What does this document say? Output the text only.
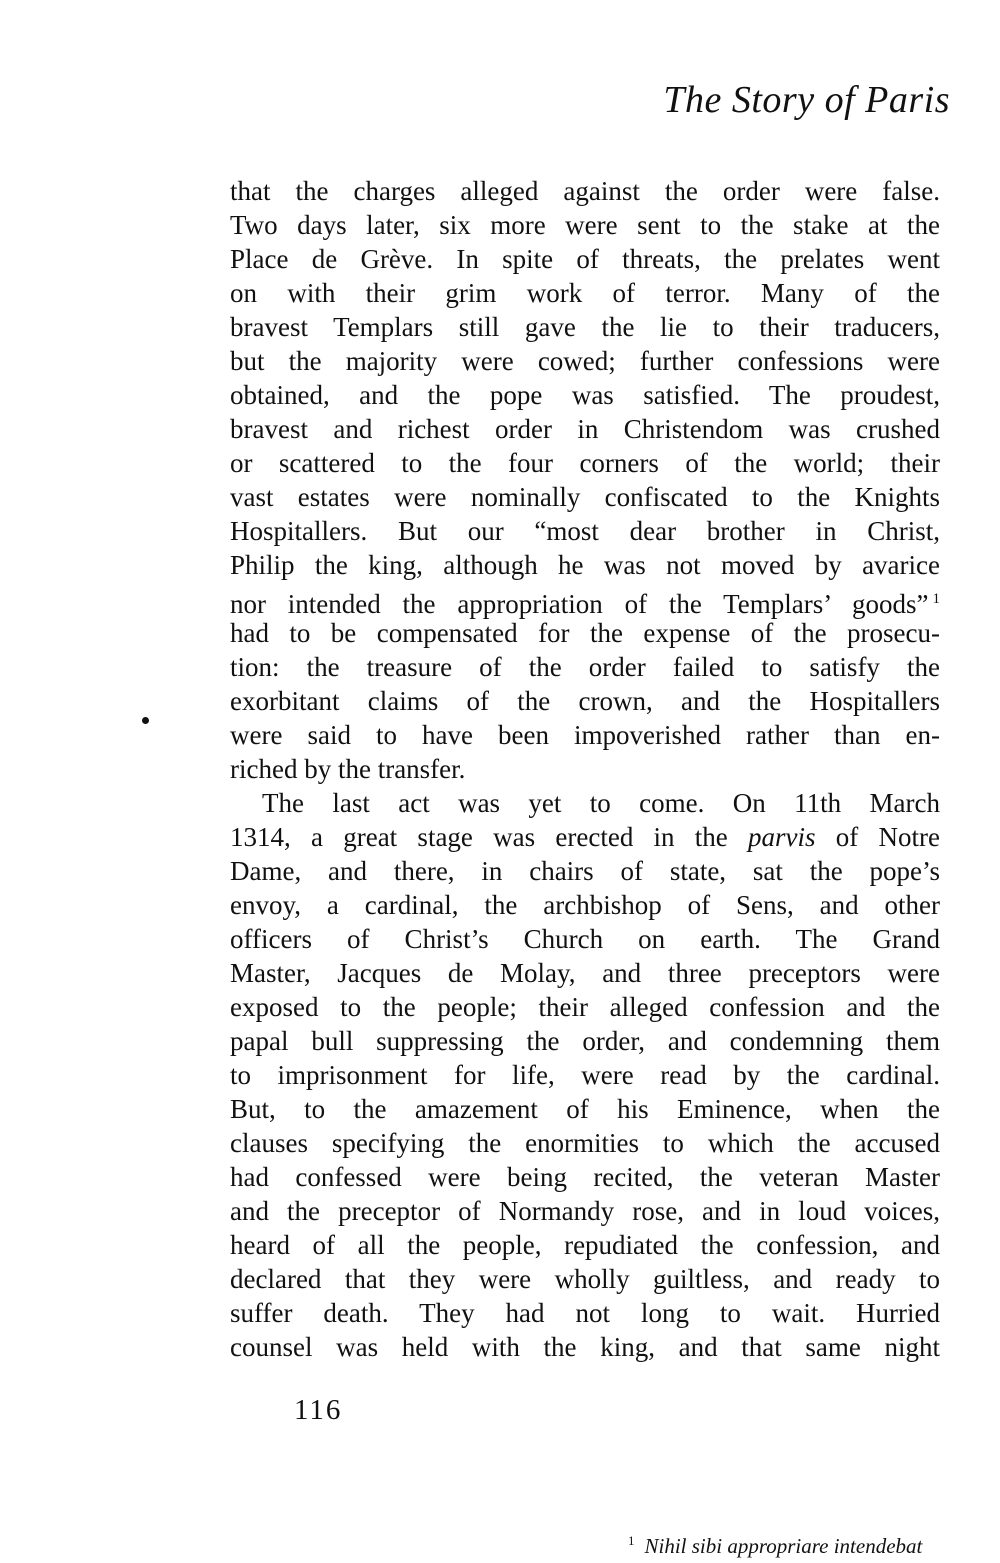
The Story of Paris
that the charges alleged against the order were false.
Two days later, six more were sent to the stake at the
Place de Grève. In spite of threats, the prelates went
on with their grim work of terror. Many of the
bravest Templars still gave the lie to their traducers,
but the majority were cowed; further confessions were
obtained, and the pope was satisfied. The proudest,
bravest and richest order in Christendom was crushed
or scattered to the four corners of the world; their
vast estates were nominally confiscated to the Knights
Hospitallers. But our “most dear brother in Christ,
Philip the king, although he was not moved by avarice
nor intended the appropriation of the Templars’ goods” $^1$
had to be compensated for the expense of the prosecu-
tion: the treasure of the order failed to satisfy the
exorbitant claims of the crown, and the Hospitallers
were said to have been impoverished rather than en-
riched by the transfer.
The last act was yet to come. On 11th March
1314, a great stage was erected in the parvis of Notre
Dame, and there, in chairs of state, sat the pope’s
envoy, a cardinal, the archbishop of Sens, and other
officers of Christ’s Church on earth. The Grand
Master, Jacques de Molay, and three preceptors were
exposed to the people; their alleged confession and the
papal bull suppressing the order, and condemning them
to imprisonment for life, were read by the cardinal.
But, to the amazement of his Eminence, when the
clauses specifying the enormities to which the accused
had confessed were being recited, the veteran Master
and the preceptor of Normandy rose, and in loud voices,
heard of all the people, repudiated the confession, and
declared that they were wholly guiltless, and ready to
suffer death. They had not long to wait. Hurried
counsel was held with the king, and that same night
$^1$ Nihil sibi appropriare intendebat
116
